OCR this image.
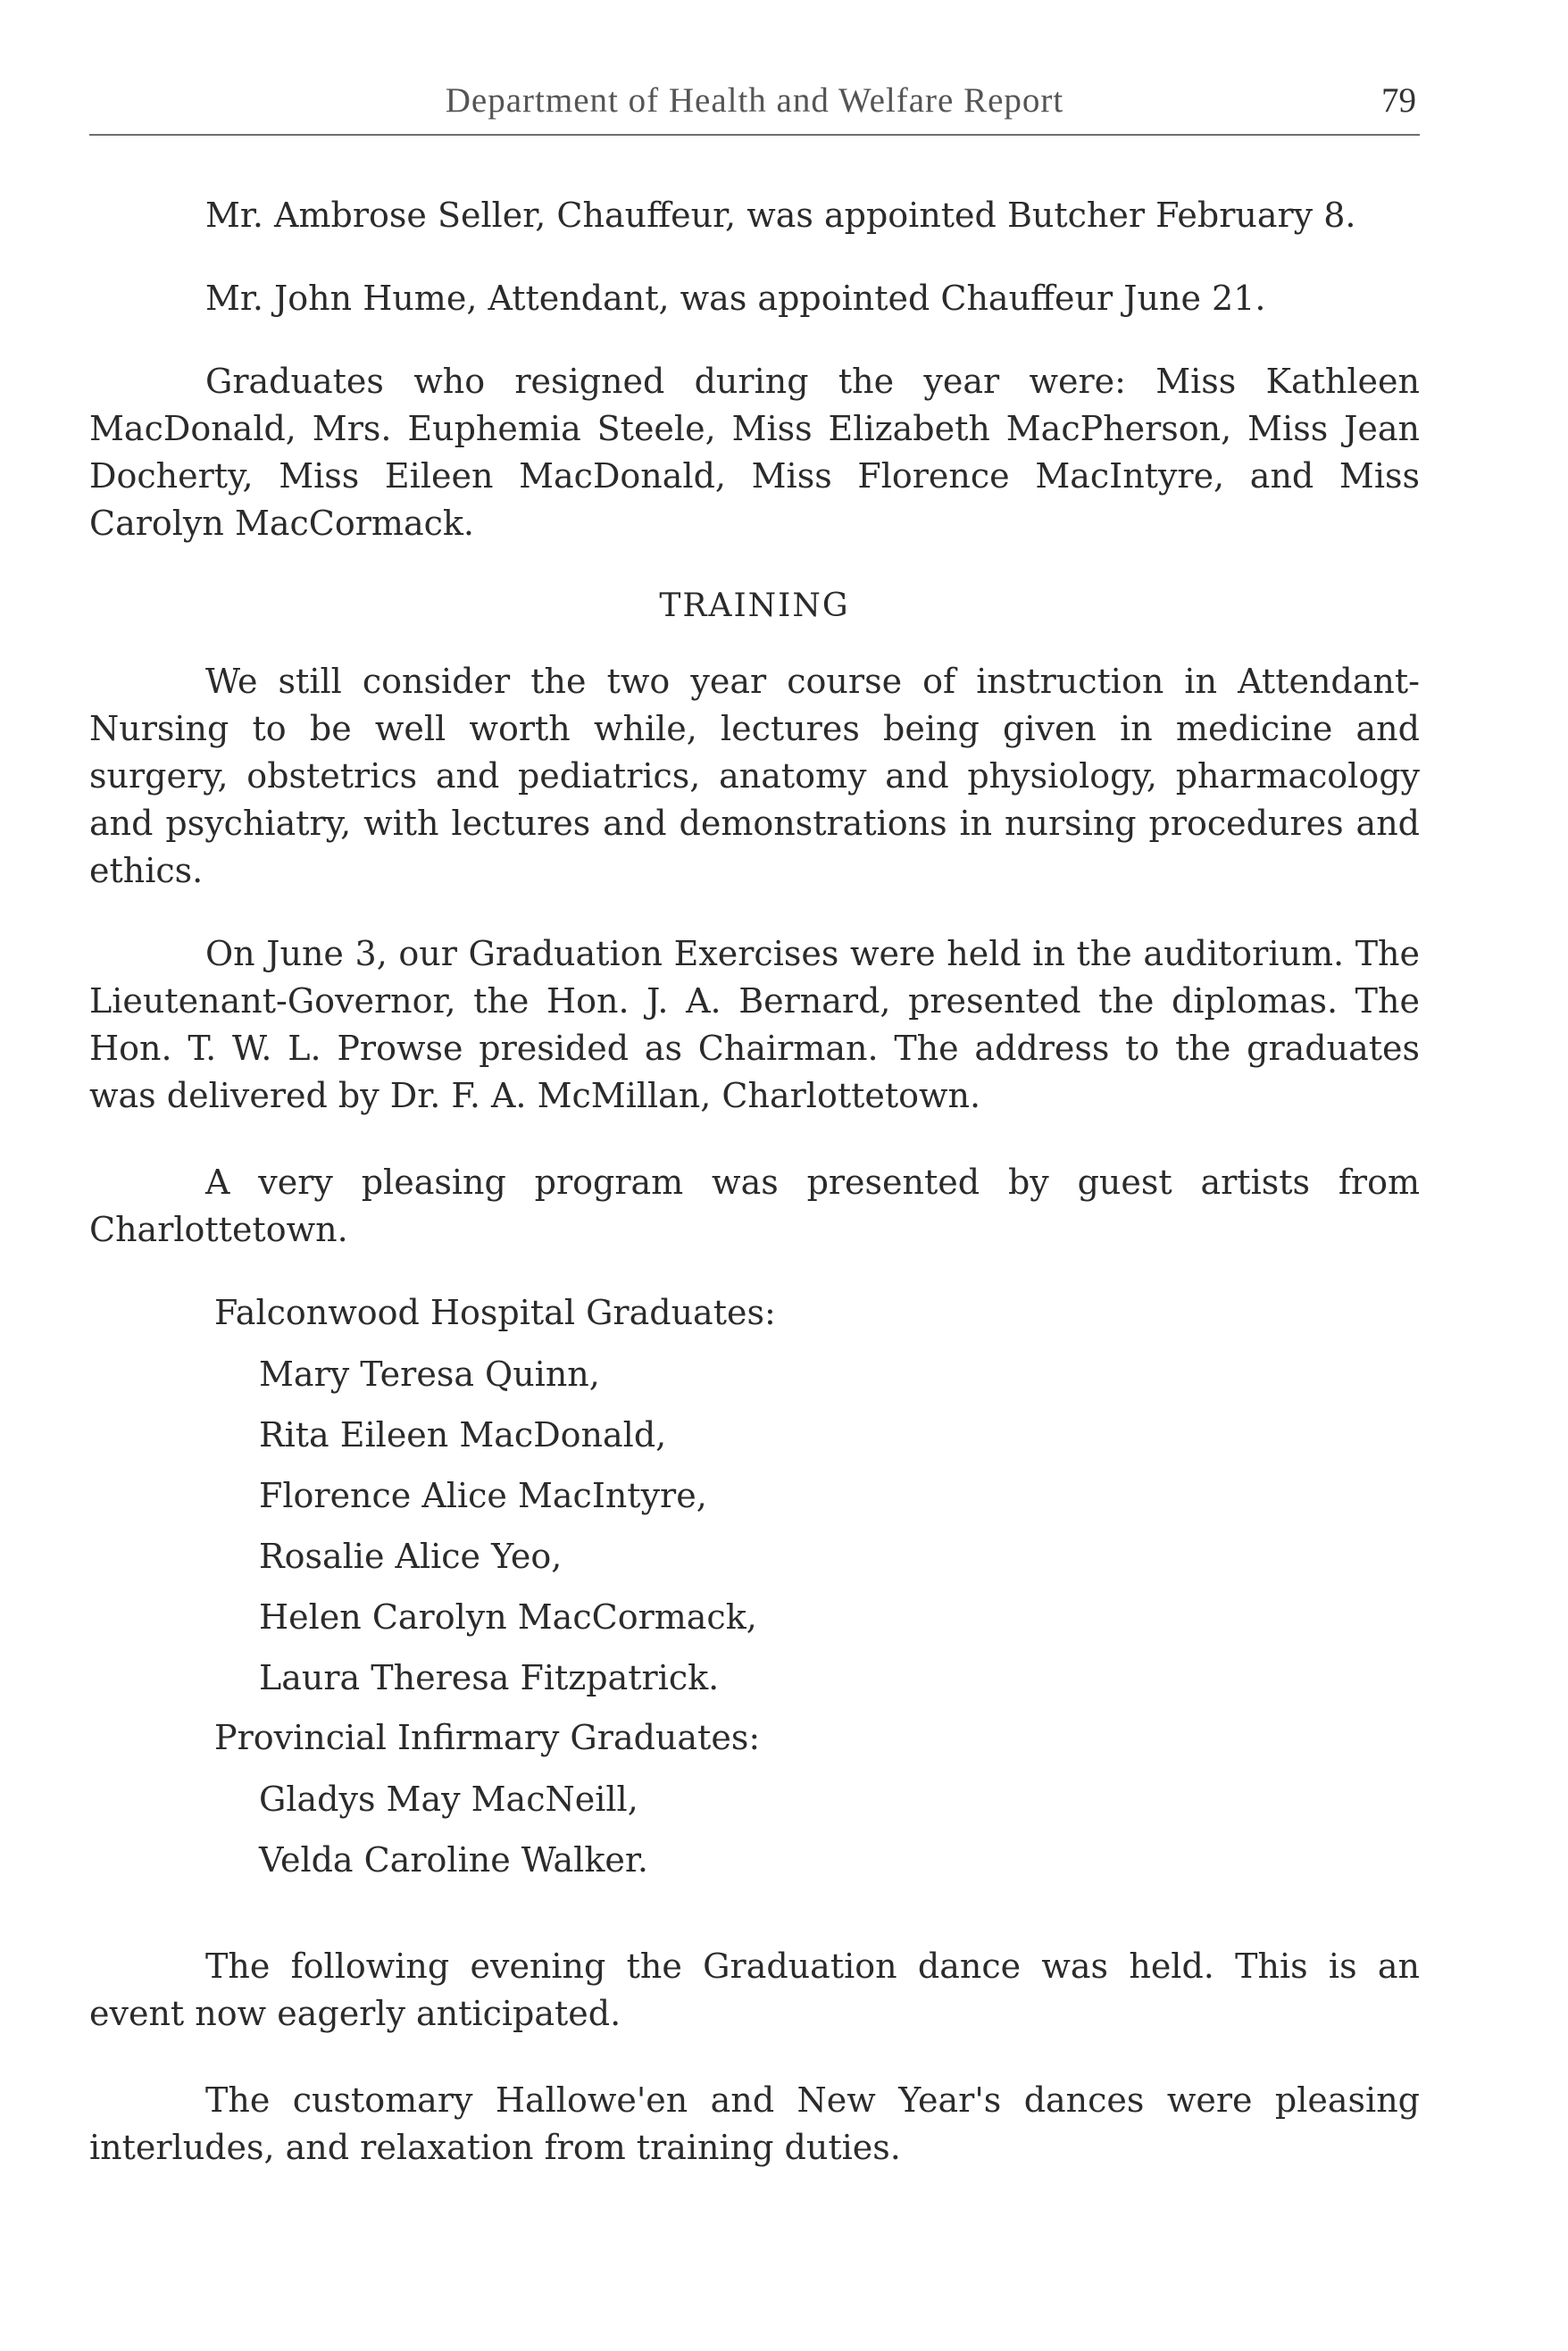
Department of Health and Welfare Report	79

Mr. Ambrose Seller, Chauffeur, was appointed Butcher February 8.

Mr. John Hume, Attendant, was appointed Chauffeur June 21.

Graduates who resigned during the year were: Miss Kathleen MacDonald, Mrs. Euphemia Steele, Miss Elizabeth MacPherson, Miss Jean Docherty, Miss Eileen MacDonald, Miss Florence MacIntyre, and Miss Carolyn MacCormack.

TRAINING

We still consider the two year course of instruction in Attendant-Nursing to be well worth while, lectures being given in medicine and surgery, obstetrics and pediatrics, anatomy and physiology, pharmacology and psychiatry, with lectures and demonstrations in nursing procedures and ethics.

On June 3, our Graduation Exercises were held in the auditorium. The Lieutenant-Governor, the Hon. J. A. Bernard, presented the diplomas. The Hon. T. W. L. Prowse presided as Chairman. The address to the graduates was delivered by Dr. F. A. McMillan, Charlottetown.

A very pleasing program was presented by guest artists from Charlottetown.

Falconwood Hospital Graduates:
Mary Teresa Quinn,
Rita Eileen MacDonald,
Florence Alice MacIntyre,
Rosalie Alice Yeo,
Helen Carolyn MacCormack,
Laura Theresa Fitzpatrick.
Provincial Infirmary Graduates:
Gladys May MacNeill,
Velda Caroline Walker.

The following evening the Graduation dance was held. This is an event now eagerly anticipated.

The customary Hallowe'en and New Year's dances were pleasing interludes, and relaxation from training duties.
